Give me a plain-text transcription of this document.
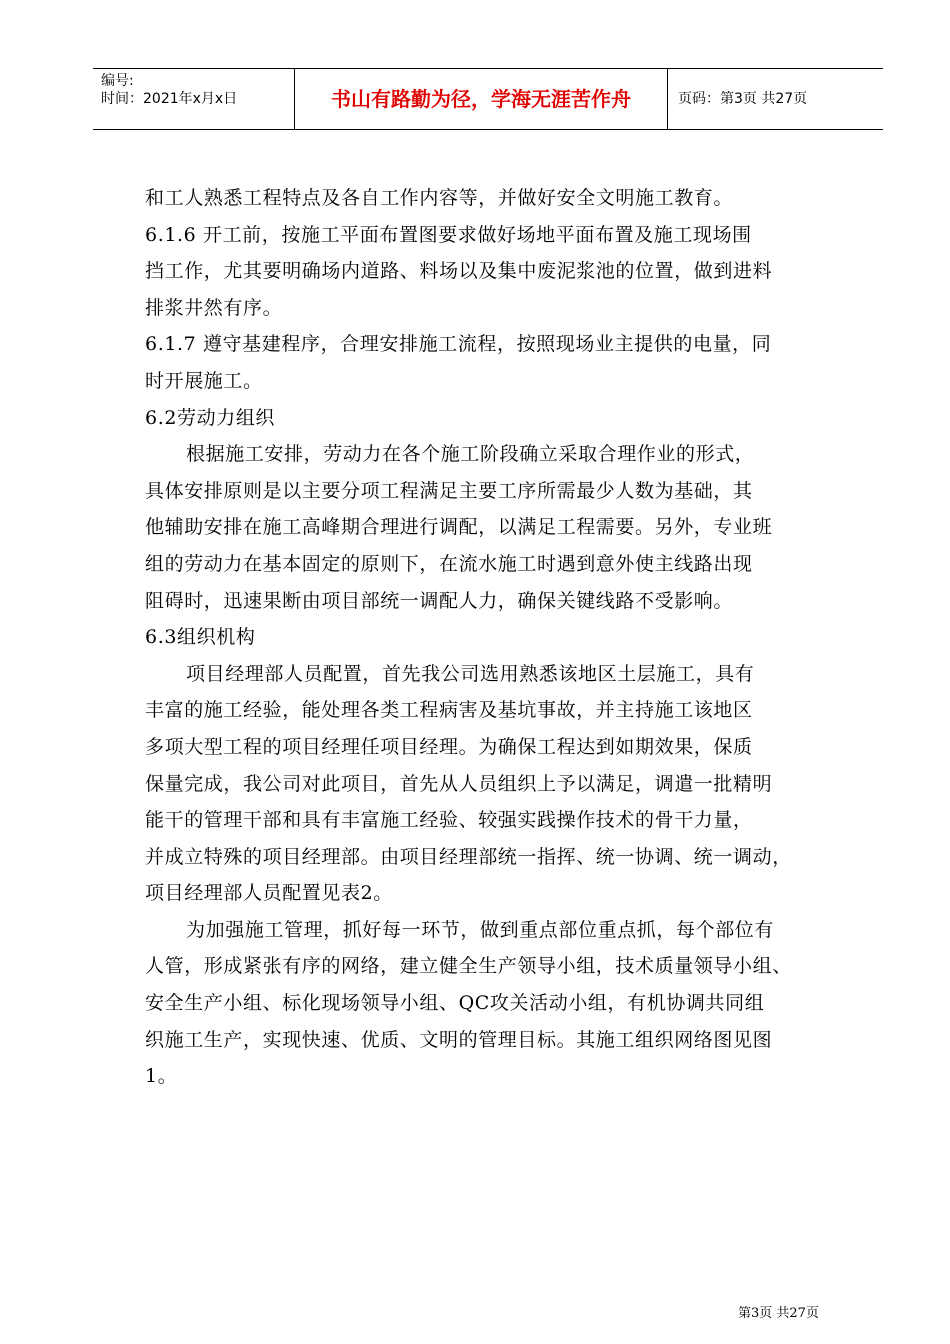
编号:
时间：2021年x月x日	书山有路勤为径，学海无涯苦作舟	页码：第3页 共27页
和工人熟悉工程特点及各自工作内容等，并做好安全文明施工教育。
6.1.6 开工前，按施工平面布置图要求做好场地平面布置及施工现场围
挡工作，尤其要明确场内道路、料场以及集中废泥浆池的位置，做到进料
排浆井然有序。
6.1.7 遵守基建程序，合理安排施工流程，按照现场业主提供的电量，同
时开展施工。
6.2劳动力组织
根据施工安排，劳动力在各个施工阶段确立采取合理作业的形式，
具体安排原则是以主要分项工程满足主要工序所需最少人数为基础，其
他辅助安排在施工高峰期合理进行调配，以满足工程需要。另外，专业班
组的劳动力在基本固定的原则下，在流水施工时遇到意外使主线路出现
阻碍时，迅速果断由项目部统一调配人力，确保关键线路不受影响。
6.3组织机构
项目经理部人员配置，首先我公司选用熟悉该地区土层施工，具有
丰富的施工经验，能处理各类工程病害及基坑事故，并主持施工该地区
多项大型工程的项目经理任项目经理。为确保工程达到如期效果，保质
保量完成，我公司对此项目，首先从人员组织上予以满足，调遣一批精明
能干的管理干部和具有丰富施工经验、较强实践操作技术的骨干力量，
并成立特殊的项目经理部。由项目经理部统一指挥、统一协调、统一调动，
项目经理部人员配置见表2。
为加强施工管理，抓好每一环节，做到重点部位重点抓，每个部位有
人管，形成紧张有序的网络，建立健全生产领导小组，技术质量领导小组、
安全生产小组、标化现场领导小组、QC攻关活动小组，有机协调共同组
织施工生产，实现快速、优质、文明的管理目标。其施工组织网络图见图
1。
第3页 共27页
